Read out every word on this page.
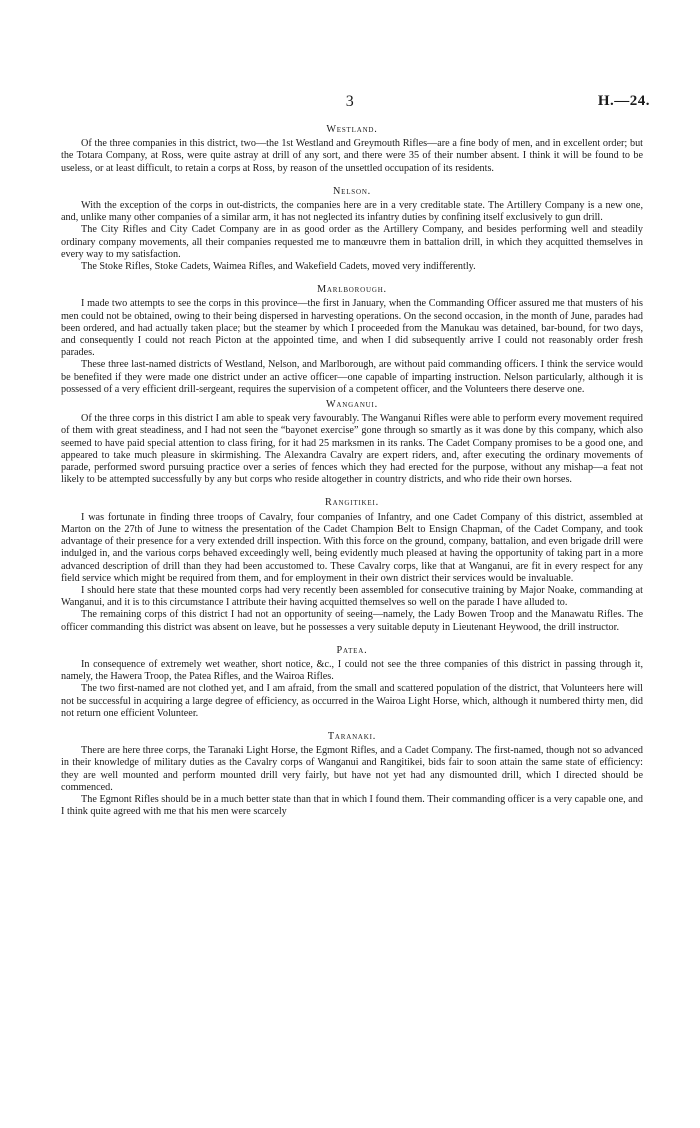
3	H.—24.
Westland.

Of the three companies in this district, two—the 1st Westland and Greymouth Rifles—are a fine body of men, and in excellent order; but the Totara Company, at Ross, were quite astray at drill of any sort, and there were 35 of their number absent. I think it will be found to be useless, or at least difficult, to retain a corps at Ross, by reason of the unsettled occupation of its residents.

Nelson.

With the exception of the corps in out-districts, the companies here are in a very creditable state. The Artillery Company is a new one, and, unlike many other companies of a similar arm, it has not neglected its infantry duties by confining itself exclusively to gun drill.

The City Rifles and City Cadet Company are in as good order as the Artillery Company, and besides performing well and steadily ordinary company movements, all their companies requested me to manœuvre them in battalion drill, in which they acquitted themselves in every way to my satisfaction.

The Stoke Rifles, Stoke Cadets, Waimea Rifles, and Wakefield Cadets, moved very indifferently.

Marlborough.

I made two attempts to see the corps in this province—the first in January, when the Commanding Officer assured me that musters of his men could not be obtained, owing to their being dispersed in harvesting operations. On the second occasion, in the month of June, parades had been ordered, and had actually taken place; but the steamer by which I proceeded from the Manukau was detained, bar-bound, for two days, and consequently I could not reach Picton at the appointed time, and when I did subsequently arrive I could not reasonably order fresh parades.

These three last-named districts of Westland, Nelson, and Marlborough, are without paid commanding officers. I think the service would be benefited if they were made one district under an active officer—one capable of imparting instruction. Nelson particularly, although it is possessed of a very efficient drill-sergeant, requires the supervision of a competent officer, and the Volunteers there deserve one.

Wanganui.

Of the three corps in this district I am able to speak very favourably. The Wanganui Rifles were able to perform every movement required of them with great steadiness, and I had not seen the “bayonet exercise” gone through so smartly as it was done by this company, which also seemed to have paid special attention to class firing, for it had 25 marksmen in its ranks. The Cadet Company promises to be a good one, and appeared to take much pleasure in skirmishing. The Alexandra Cavalry are expert riders, and, after executing the ordinary movements of parade, performed sword pursuing practice over a series of fences which they had erected for the purpose, without any mishap—a feat not likely to be attempted successfully by any but corps who reside altogether in country districts, and who ride their own horses.

Rangitikei.

I was fortunate in finding three troops of Cavalry, four companies of Infantry, and one Cadet Company of this district, assembled at Marton on the 27th of June to witness the presentation of the Cadet Champion Belt to Ensign Chapman, of the Cadet Company, and took advantage of their presence for a very extended drill inspection. With this force on the ground, company, battalion, and even brigade drill were indulged in, and the various corps behaved exceedingly well, being evidently much pleased at having the opportunity of taking part in a more advanced description of drill than they had been accustomed to. These Cavalry corps, like that at Wanganui, are fit in every respect for any field service which might be required from them, and for employment in their own district their services would be invaluable.

I should here state that these mounted corps had very recently been assembled for consecutive training by Major Noake, commanding at Wanganui, and it is to this circumstance I attribute their having acquitted themselves so well on the parade I have alluded to.

The remaining corps of this district I had not an opportunity of seeing—namely, the Lady Bowen Troop and the Manawatu Rifles. The officer commanding this district was absent on leave, but he possesses a very suitable deputy in Lieutenant Heywood, the drill instructor.

Patea.

In consequence of extremely wet weather, short notice, &c., I could not see the three companies of this district in passing through it, namely, the Hawera Troop, the Patea Rifles, and the Wairoa Rifles.

The two first-named are not clothed yet, and I am afraid, from the small and scattered population of the district, that Volunteers here will not be successful in acquiring a large degree of efficiency, as occurred in the Wairoa Light Horse, which, although it numbered thirty men, did not return one efficient Volunteer.

Taranaki.

There are here three corps, the Taranaki Light Horse, the Egmont Rifles, and a Cadet Company. The first-named, though not so advanced in their knowledge of military duties as the Cavalry corps of Wanganui and Rangitikei, bids fair to soon attain the same state of efficiency: they are well mounted and perform mounted drill very fairly, but have not yet had any dismounted drill, which I directed should be commenced.

The Egmont Rifles should be in a much better state than that in which I found them. Their commanding officer is a very capable one, and I think quite agreed with me that his men were scarcely
